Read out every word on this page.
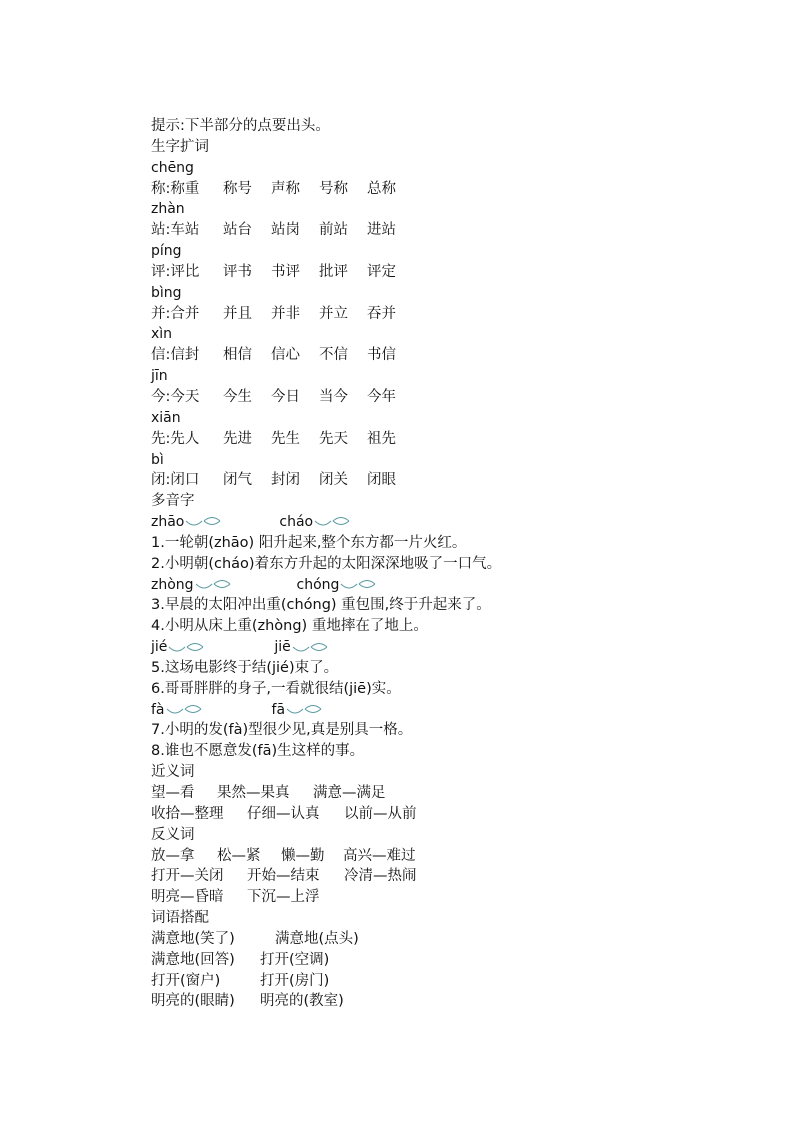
提示:下半部分的点要出头。
生字扩词
chēng
称:称重 称号 声称 号称 总称
zhàn
站:车站 站台 站岗 前站 进站
píng
评:评比 评书 书评 批评 评定
bìng
并:合并 并且 并非 并立 吞并
xìn
信:信封 相信 信心 不信 书信
jīn
今:今天 今生 今日 当今 今年
xiān
先:先人 先进 先生 先天 祖先
bì
闭:闭口 闭气 封闭 闭关 闭眼
多音字
zhāo	cháo
1.一轮朝(zhāo) 阳升起来,整个东方都一片火红。
2.小明朝(cháo)着东方升起的太阳深深地吸了一口气。
zhòng	chóng
3.早晨的太阳冲出重(chóng) 重包围,终于升起来了。
4.小明从床上重(zhòng) 重地摔在了地上。
jié	jiē
5.这场电影终于结(jié)束了。
6.哥哥胖胖的身子,一看就很结(jiē)实。
fà	fā
7.小明的发(fà)型很少见,真是别具一格。
8.谁也不愿意发(fā)生这样的事。
近义词
望—看 果然—果真 满意—满足
收拾—整理 仔细—认真 以前—从前
反义词
放—拿 松—紧 懒—勤 高兴—难过
打开—关闭 开始—结束 冷清—热闹
明亮—昏暗 下沉—上浮
词语搭配
满意地(笑了)	满意地(点头)
满意地(回答) 打开(空调)
打开(窗户)	打开(房门)
明亮的(眼睛) 明亮的(教室)
